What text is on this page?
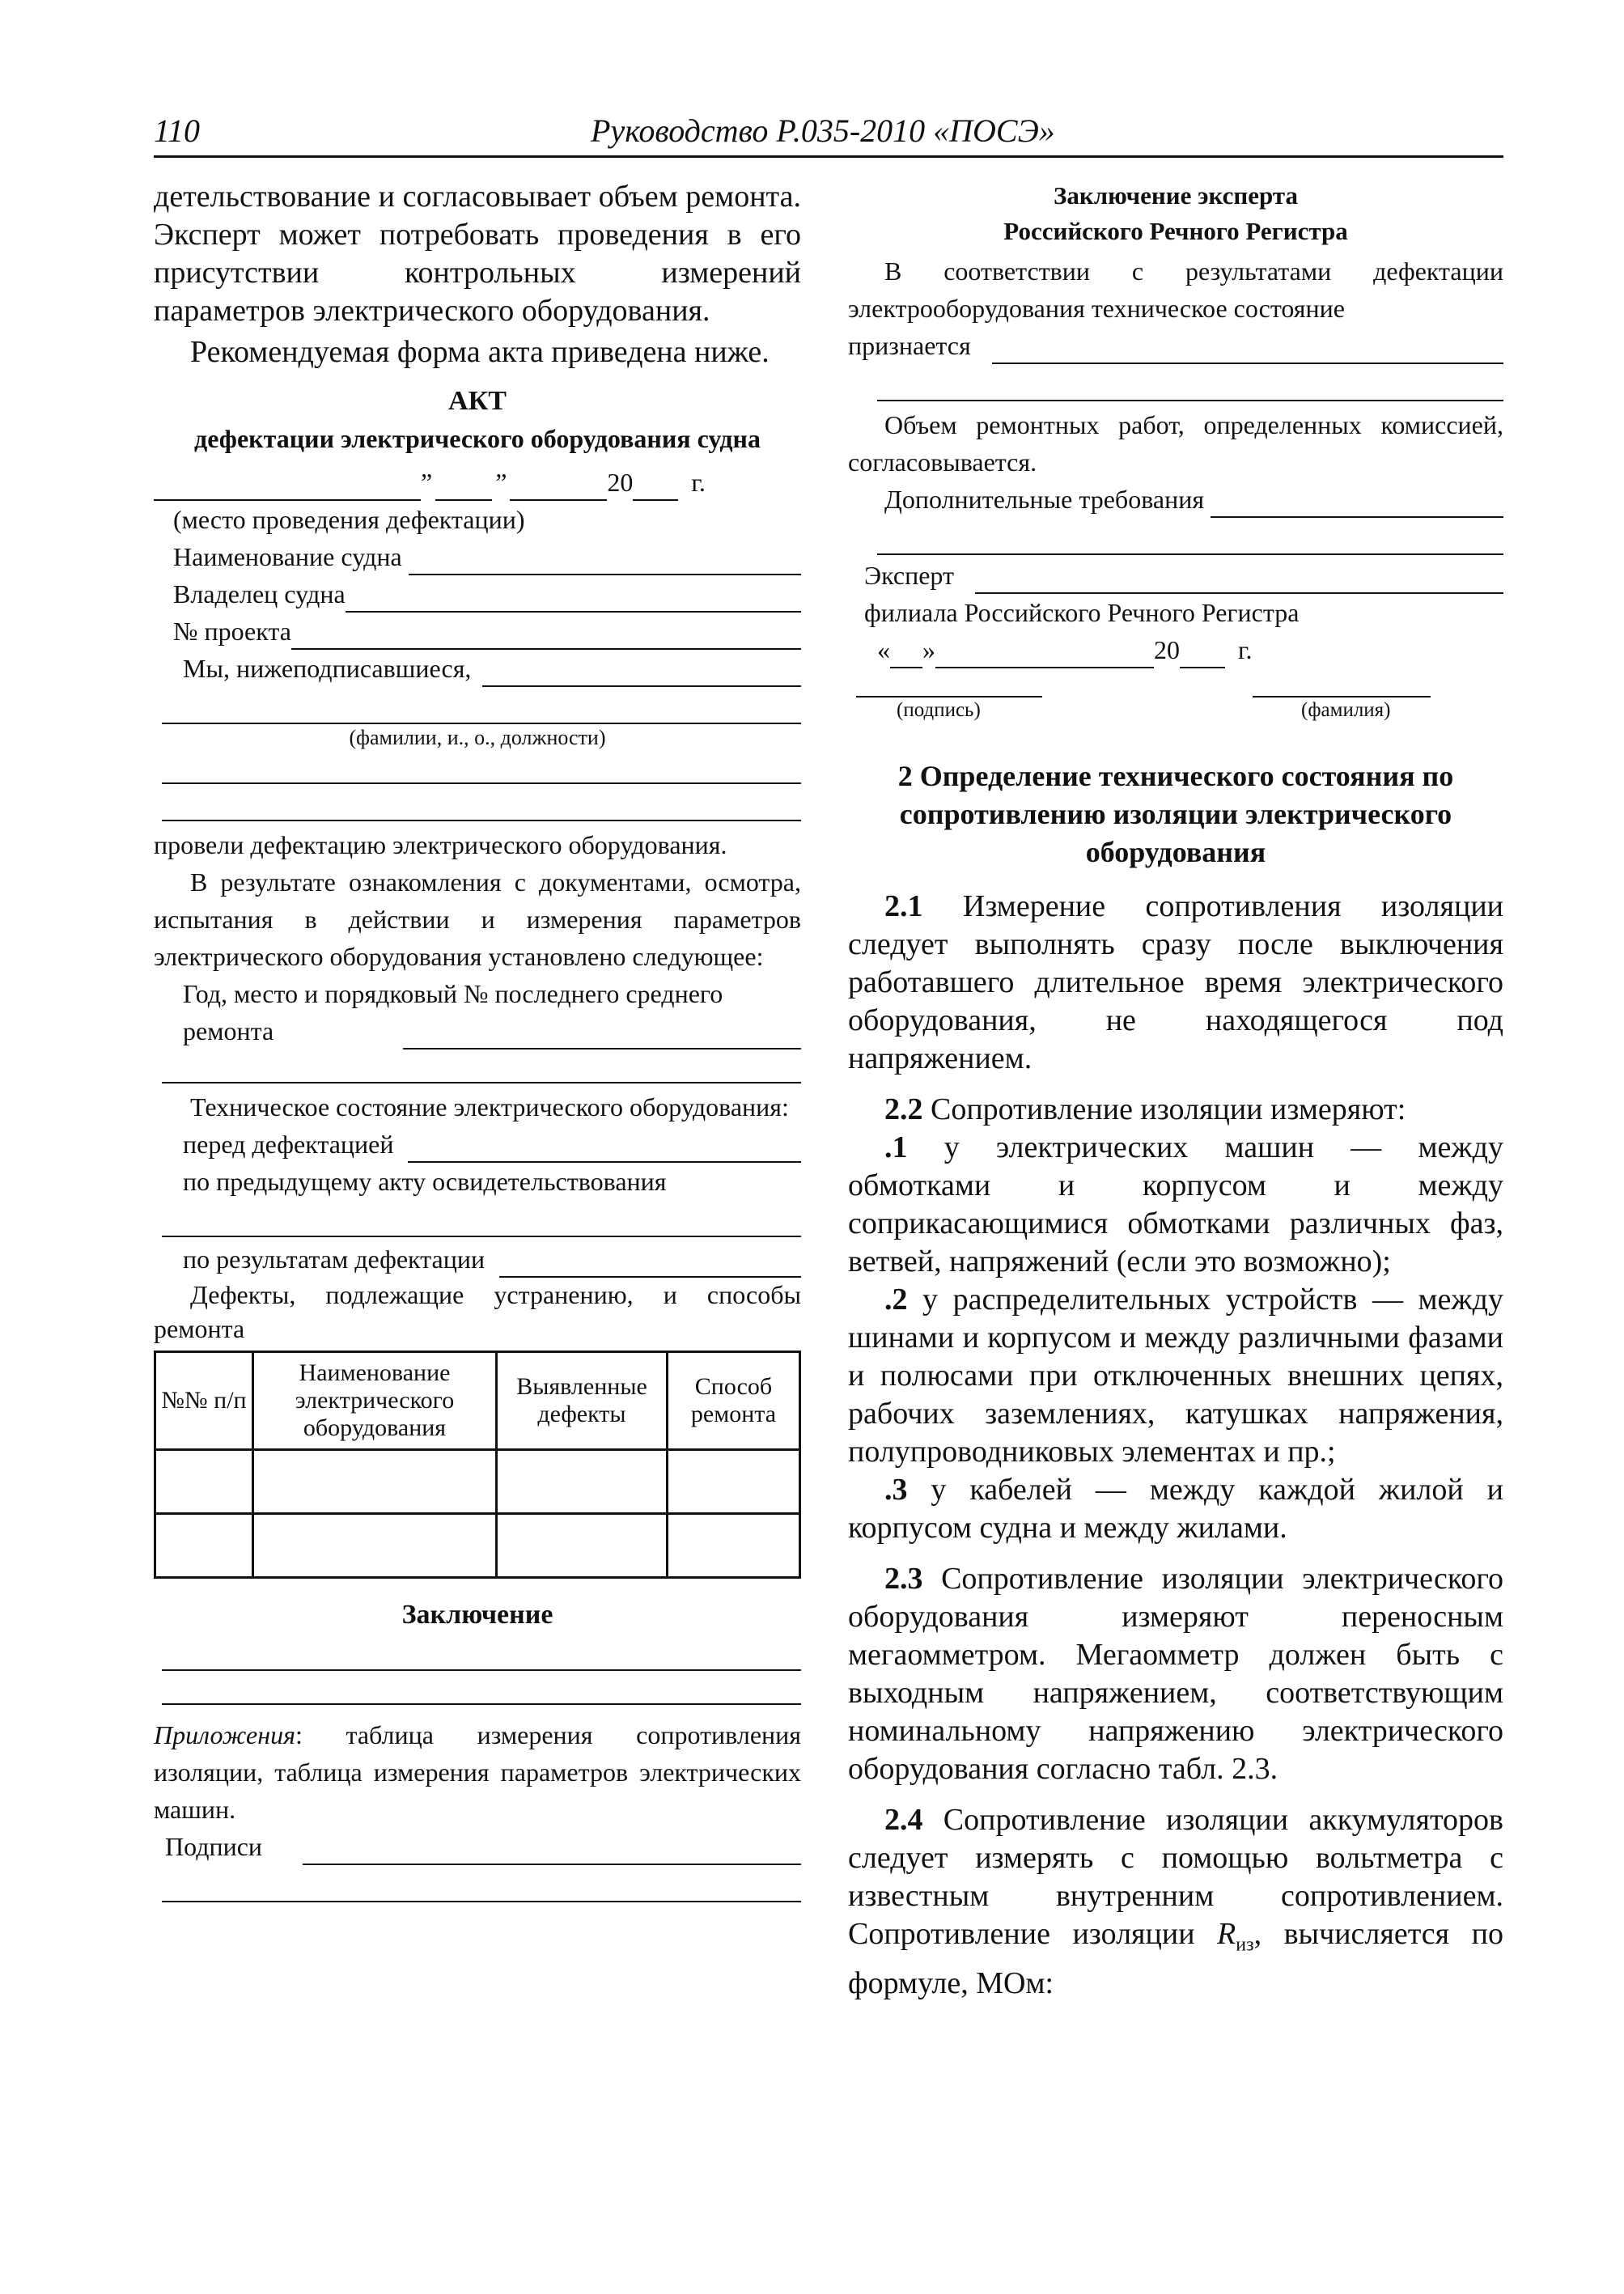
110	Руководство Р.035-2010 «ПОСЭ»

детельствование и согласовывает объем ремонта. Эксперт может потребовать проведения в его присутствии контрольных измерений параметров электрического оборудования.

Рекомендуемая форма акта приведена ниже.

АКТ

дефектации электрического оборудования судна

” ”	20 г.

(место проведения дефектации)

Наименование судна
Владелец судна
№ проекта
Мы, нижеподписавшиеся,

(фамилии, и., о., должности)

провели дефектацию электрического оборудования.

В результате ознакомления с документами, осмотра, испытания в действии и измерения параметров электрического оборудования установлено следующее:

Год, место и порядковый № последнего среднего ремонта

Техническое состояние электрического оборудования:

перед дефектацией

по предыдущему акту освидетельствования

по результатам дефектации

Дефекты, подлежащие устранению, и способы ремонта

№№ п/п	Наименование электрического оборудования	Выявленные дефекты	Способ ремонта

Заключение

Приложения: таблица измерения сопротивления изоляции, таблица измерения параметров электрических машин.

Подписи

Заключение эксперта

Российского Речного Регистра

В соответствии с результатами дефектации электрооборудования техническое состояние

признается

Объем ремонтных работ, определенных комиссией, согласовывается.

Дополнительные требования
Эксперт

филиала Российского Речного Регистра

« »	20 г.
(подпись)	(фамилия)

2 Определение технического состояния по сопротивлению изоляции электрического оборудования

2.1 Измерение сопротивления изоляции следует выполнять сразу после выключения работавшего длительное время электрического оборудования, не находящегося под напряжением.

2.2 Сопротивление изоляции измеряют:

.1 у электрических машин — между обмотками и корпусом и между соприкасающимися обмотками различных фаз, ветвей, напряжений (если это возможно);

.2 у распределительных устройств — между шинами и корпусом и между различными фазами и полюсами при отключенных внешних цепях, рабочих заземлениях, катушках напряжения, полупроводниковых элементах и пр.;

.3 у кабелей — между каждой жилой и корпусом судна и между жилами.

2.3 Сопротивление изоляции электрического оборудования измеряют переносным мегаомметром. Мегаомметр должен быть с выходным напряжением, соответствующим номинальному напряжению электрического оборудования согласно табл. 2.3.

2.4 Сопротивление изоляции аккумуляторов следует измерять с помощью вольтметра с известным внутренним сопротивлением. Сопротивление изоляции $R_{из}$, вычисляется по формуле, МОм:
